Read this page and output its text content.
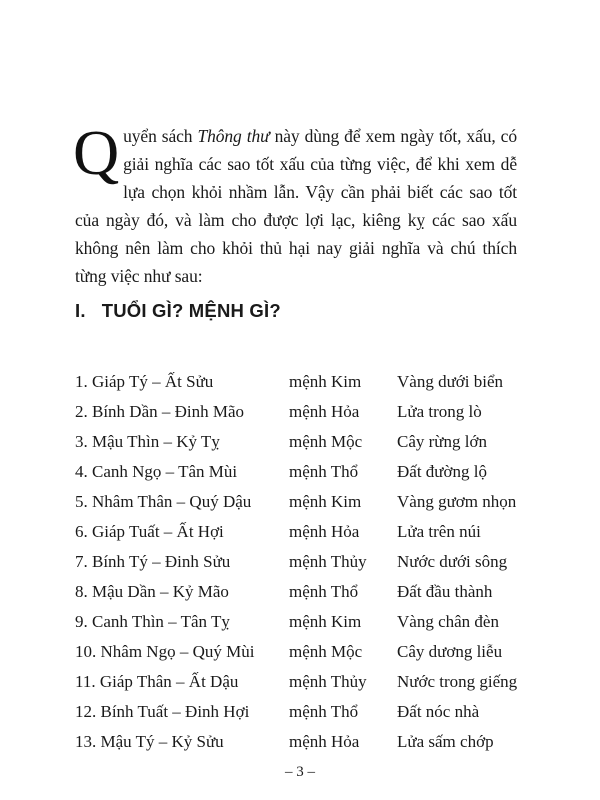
Quyển sách Thông thư này dùng để xem ngày tốt, xấu, có giải nghĩa các sao tốt xấu của từng việc, để khi xem dễ lựa chọn khỏi nhầm lẫn. Vậy cần phải biết các sao tốt của ngày đó, và làm cho được lợi lạc, kiêng kỵ các sao xấu không nên làm cho khỏi thủ hại nay giải nghĩa và chú thích từng việc như sau:

I. TUỔI GÌ? MỆNH GÌ?
1. Giáp Tý – Ất Sửu	mệnh Kim Vàng dưới biển
2. Bính Dần – Đinh Mão	mệnh Hỏa Lửa trong lò
3. Mậu Thìn – Kỷ Tỵ	mệnh Mộc Cây rừng lớn
4. Canh Ngọ – Tân Mùi	mệnh Thổ Đất đường lộ
5. Nhâm Thân – Quý Dậu mệnh Kim Vàng gươm nhọn
6. Giáp Tuất – Ất Hợi	mệnh Hỏa Lửa trên núi
7. Bính Tý – Đinh Sửu	mệnh Thủy Nước dưới sông
8. Mậu Dần – Kỷ Mão	mệnh Thổ Đất đầu thành
9. Canh Thìn – Tân Tỵ	mệnh Kim Vàng chân đèn
10. Nhâm Ngọ – Quý Mùi mệnh Mộc Cây dương liễu
11. Giáp Thân – Ất Dậu	mệnh Thủy Nước trong giếng
12. Bính Tuất – Đinh Hợi mệnh Thổ Đất nóc nhà
13. Mậu Tý – Kỷ Sửu	mệnh Hỏa Lửa sấm chớp
– 3 –
